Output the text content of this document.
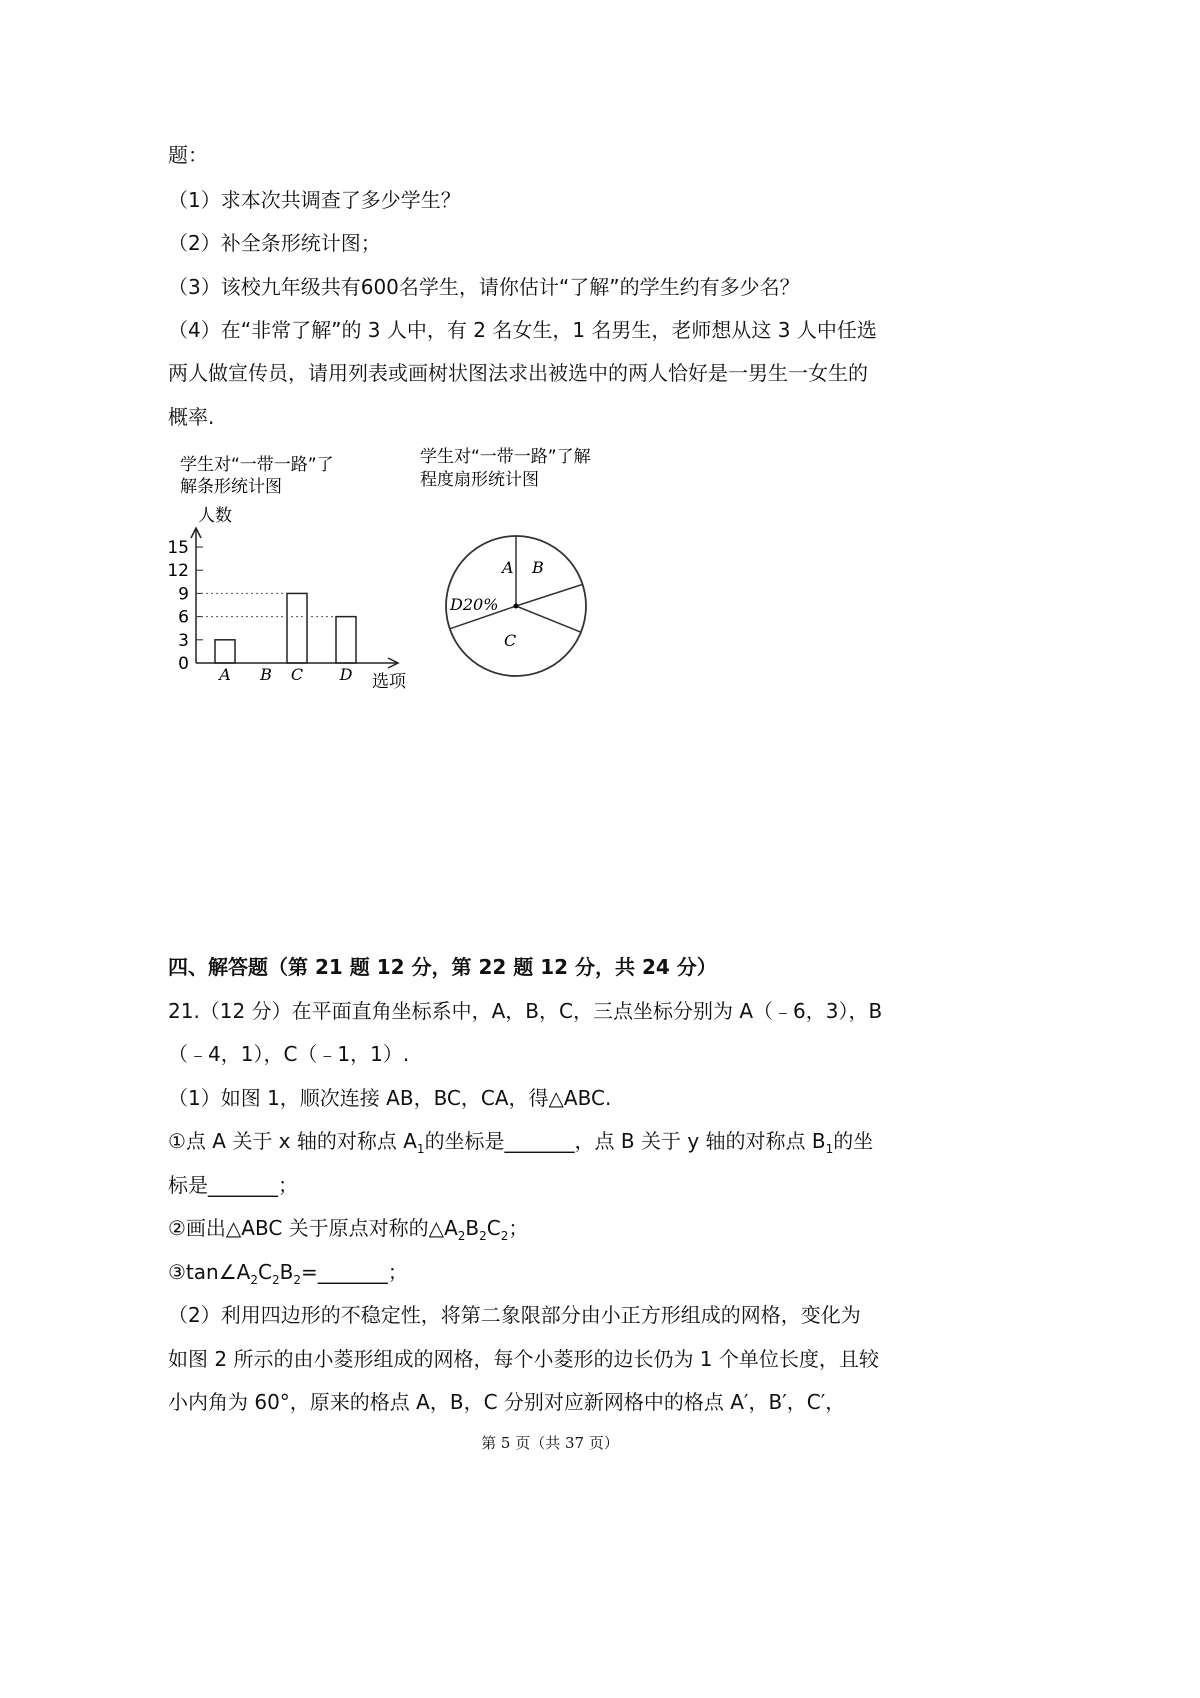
题：
（1）求本次共调查了多少学生？
（2）补全条形统计图；
（3）该校九年级共有600名学生，请你估计“了解”的学生约有多少名？
（4）在“非常了解”的 3 人中，有 2 名女生，1 名男生，老师想从这 3 人中任选
两人做宣传员，请用列表或画树状图法求出被选中的两人恰好是一男生一女生的
概率.
学生对“一带一路”了
解条形统计图
人数
选项
0
3
6
9
12
15
A B C D
学生对“一带一路”了解
程度扇形统计图
A B
C
D20%
四、解答题（第 21 题 12 分，第 22 题 12 分，共 24 分）
21.（12 分）在平面直角坐标系中，A，B，C，三点坐标分别为 A（﹣6，3），B
（﹣4，1），C（﹣1，1）.
（1）如图 1，顺次连接 AB，BC，CA，得△ABC.
①点 A 关于 x 轴的对称点 $A_1$的坐标是_______，点 B 关于 y 轴的对称点 $B_1$的坐
标是_______；
②画出△ABC 关于原点对称的$\triangle A_2B_2C_2$；
$③\tan\angle A_2C_2B_2=\_\_\_\_\_\_\_$；
（2）利用四边形的不稳定性，将第二象限部分由小正方形组成的网格，变化为
如图 2 所示的由小菱形组成的网格，每个小菱形的边长仍为 1 个单位长度，且较
小内角为 60°，原来的格点 A，B，C 分别对应新网格中的格点 A′，B′，C′，
第 5 页（共 37 页）
